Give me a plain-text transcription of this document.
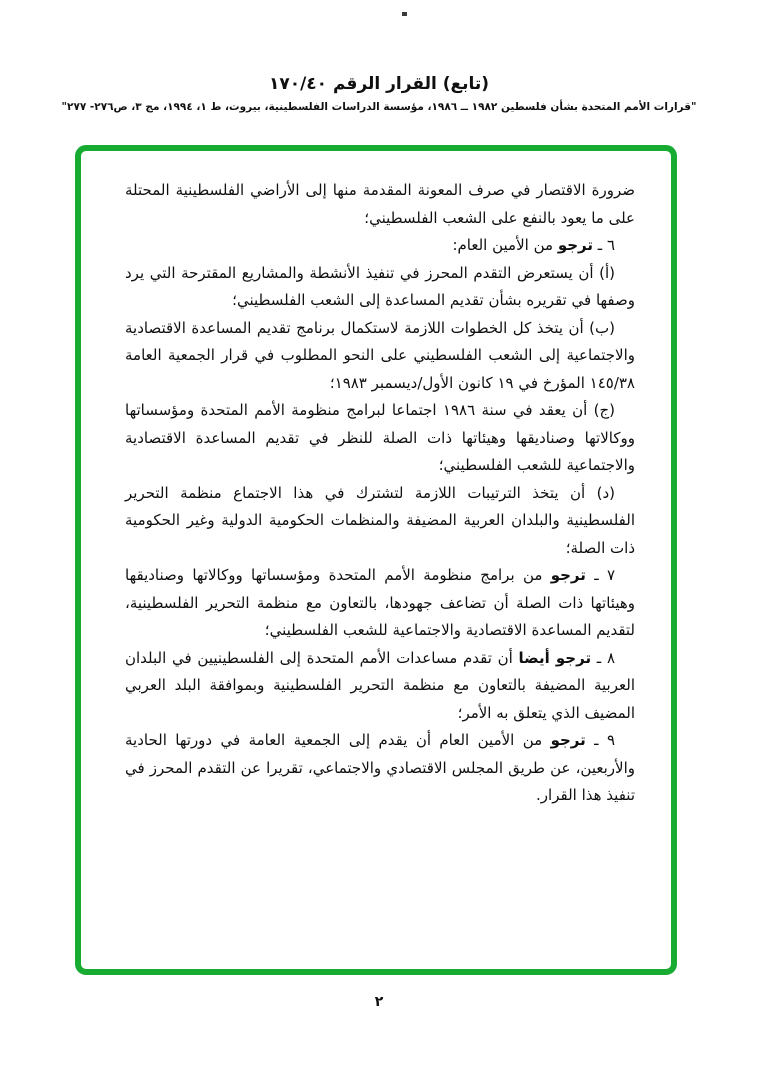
(تابع) القرار الرقم ١٧٠/٤٠
"قرارات الأمم المتحدة بشأن فلسطين ١٩٨٢ ــ ١٩٨٦، مؤسسة الدراسات الفلسطينية، بيروت، ط ١، ١٩٩٤، مج ٣، ص٢٧٦- ٢٧٧"

ضرورة الاقتصار في صرف المعونة المقدمة منها إلى الأراضي الفلسطينية المحتلة على ما يعود بالنفع على الشعب الفلسطيني؛

٦ ـ ترجو من الأمين العام:

(أ) أن يستعرض التقدم المحرز في تنفيذ الأنشطة والمشاريع المقترحة التي يرد وصفها في تقريره بشأن تقديم المساعدة إلى الشعب الفلسطيني؛

(ب) أن يتخذ كل الخطوات اللازمة لاستكمال برنامج تقديم المساعدة الاقتصادية والاجتماعية إلى الشعب الفلسطيني على النحو المطلوب في قرار الجمعية العامة ١٤٥/٣٨ المؤرخ في ١٩ كانون الأول/ديسمبر ١٩٨٣؛

(ج) أن يعقد في سنة ١٩٨٦ اجتماعا لبرامج منظومة الأمم المتحدة ومؤسساتها ووكالاتها وصناديقها وهيئاتها ذات الصلة للنظر في تقديم المساعدة الاقتصادية والاجتماعية للشعب الفلسطيني؛

(د) أن يتخذ الترتيبات اللازمة لتشترك في هذا الاجتماع منظمة التحرير الفلسطينية والبلدان العربية المضيفة والمنظمات الحكومية الدولية وغير الحكومية ذات الصلة؛

٧ ـ ترجو من برامج منظومة الأمم المتحدة ومؤسساتها ووكالاتها وصناديقها وهيئاتها ذات الصلة أن تضاعف جهودها، بالتعاون مع منظمة التحرير الفلسطينية، لتقديم المساعدة الاقتصادية والاجتماعية للشعب الفلسطيني؛

٨ ـ ترجو أيضا أن تقدم مساعدات الأمم المتحدة إلى الفلسطينيين في البلدان العربية المضيفة بالتعاون مع منظمة التحرير الفلسطينية وبموافقة البلد العربي المضيف الذي يتعلق به الأمر؛

٩ ـ ترجو من الأمين العام أن يقدم إلى الجمعية العامة في دورتها الحادية والأربعين، عن طريق المجلس الاقتصادي والاجتماعي، تقريرا عن التقدم المحرز في تنفيذ هذا القرار.

٢
